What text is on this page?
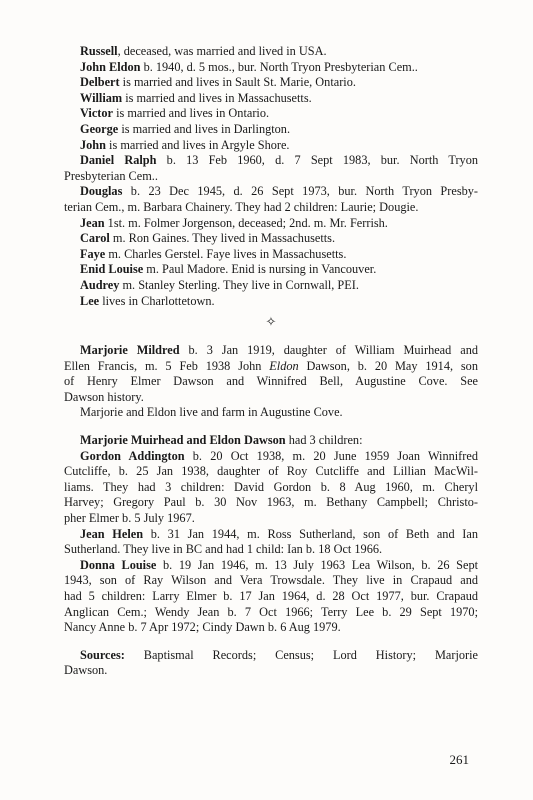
Russell, deceased, was married and lived in USA.
John Eldon b. 1940, d. 5 mos., bur. North Tryon Presbyterian Cem..
Delbert is married and lives in Sault St. Marie, Ontario.
William is married and lives in Massachusetts.
Victor is married and lives in Ontario.
George is married and lives in Darlington.
John is married and lives in Argyle Shore.
Daniel Ralph b. 13 Feb 1960, d. 7 Sept 1983, bur. North Tryon
Presbyterian Cem..
Douglas b. 23 Dec 1945, d. 26 Sept 1973, bur. North Tryon Presby-
terian Cem., m. Barbara Chainery. They had 2 children: Laurie; Dougie.
Jean 1st. m. Folmer Jorgenson, deceased; 2nd. m. Mr. Ferrish.
Carol m. Ron Gaines. They lived in Massachusetts.
Faye m. Charles Gerstel. Faye lives in Massachusetts.
Enid Louise m. Paul Madore. Enid is nursing in Vancouver.
Audrey m. Stanley Sterling. They live in Cornwall, PEI.
Lee lives in Charlottetown.
✧
Marjorie Mildred b. 3 Jan 1919, daughter of William Muirhead and
Ellen Francis, m. 5 Feb 1938 John Eldon Dawson, b. 20 May 1914, son
of Henry Elmer Dawson and Winnifred Bell, Augustine Cove. See
Dawson history.
Marjorie and Eldon live and farm in Augustine Cove.
Marjorie Muirhead and Eldon Dawson had 3 children:
Gordon Addington b. 20 Oct 1938, m. 20 June 1959 Joan Winnifred
Cutcliffe, b. 25 Jan 1938, daughter of Roy Cutcliffe and Lillian MacWil-
liams. They had 3 children: David Gordon b. 8 Aug 1960, m. Cheryl
Harvey; Gregory Paul b. 30 Nov 1963, m. Bethany Campbell; Christo-
pher Elmer b. 5 July 1967.
Jean Helen b. 31 Jan 1944, m. Ross Sutherland, son of Beth and Ian
Sutherland. They live in BC and had 1 child: Ian b. 18 Oct 1966.
Donna Louise b. 19 Jan 1946, m. 13 July 1963 Lea Wilson, b. 26 Sept
1943, son of Ray Wilson and Vera Trowsdale. They live in Crapaud and
had 5 children: Larry Elmer b. 17 Jan 1964, d. 28 Oct 1977, bur. Crapaud
Anglican Cem.; Wendy Jean b. 7 Oct 1966; Terry Lee b. 29 Sept 1970;
Nancy Anne b. 7 Apr 1972; Cindy Dawn b. 6 Aug 1979.
Sources: Baptismal Records; Census; Lord History; Marjorie
Dawson.
261
